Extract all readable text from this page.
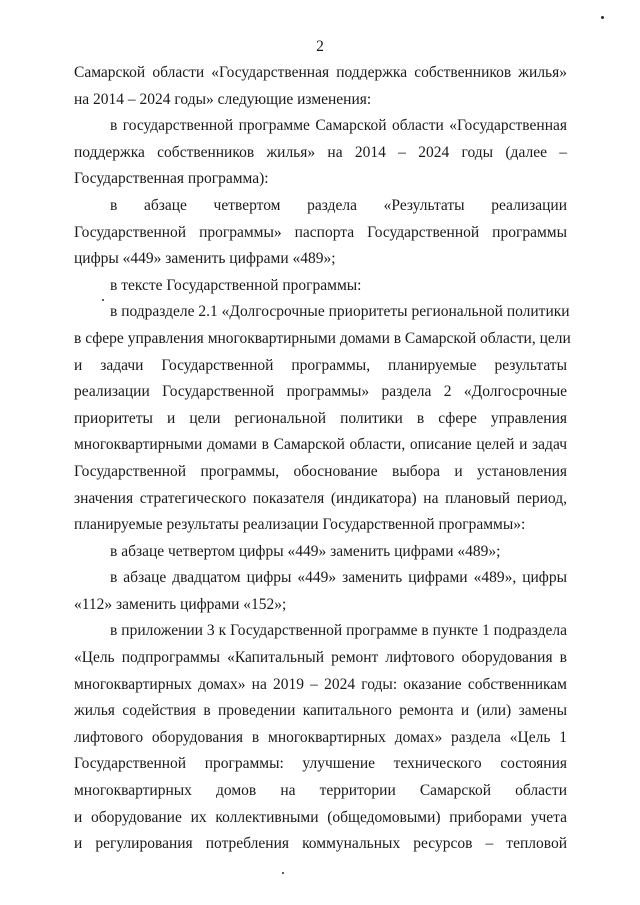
2
Самарской области «Государственная поддержка собственников жилья»
на 2014 – 2024 годы» следующие изменения:
в государственной программе Самарской области «Государственная
поддержка собственников жилья» на 2014 – 2024 годы (далее –
Государственная программа):
в абзаце четвертом раздела «Результаты реализации
Государственной программы» паспорта Государственной программы
цифры «449» заменить цифрами «489»;
в тексте Государственной программы:
в подразделе 2.1 «Долгосрочные приоритеты региональной политики
в сфере управления многоквартирными домами в Самарской области, цели
и задачи Государственной программы, планируемые результаты
реализации Государственной программы» раздела 2 «Долгосрочные
приоритеты и цели региональной политики в сфере управления
многоквартирными домами в Самарской области, описание целей и задач
Государственной программы, обоснование выбора и установления
значения стратегического показателя (индикатора) на плановый период,
планируемые результаты реализации Государственной программы»:
в абзаце четвертом цифры «449» заменить цифрами «489»;
в абзаце двадцатом цифры «449» заменить цифрами «489», цифры
«112» заменить цифрами «152»;
в приложении 3 к Государственной программе в пункте 1 подраздела
«Цель подпрограммы «Капитальный ремонт лифтового оборудования в
многоквартирных домах» на 2019 – 2024 годы: оказание собственникам
жилья содействия в проведении капитального ремонта и (или) замены
лифтового оборудования в многоквартирных домах» раздела «Цель 1
Государственной программы: улучшение технического состояния
многоквартирных домов на территории Самарской области
и оборудование их коллективными (общедомовыми) приборами учета
и регулирования потребления коммунальных ресурсов – тепловой
